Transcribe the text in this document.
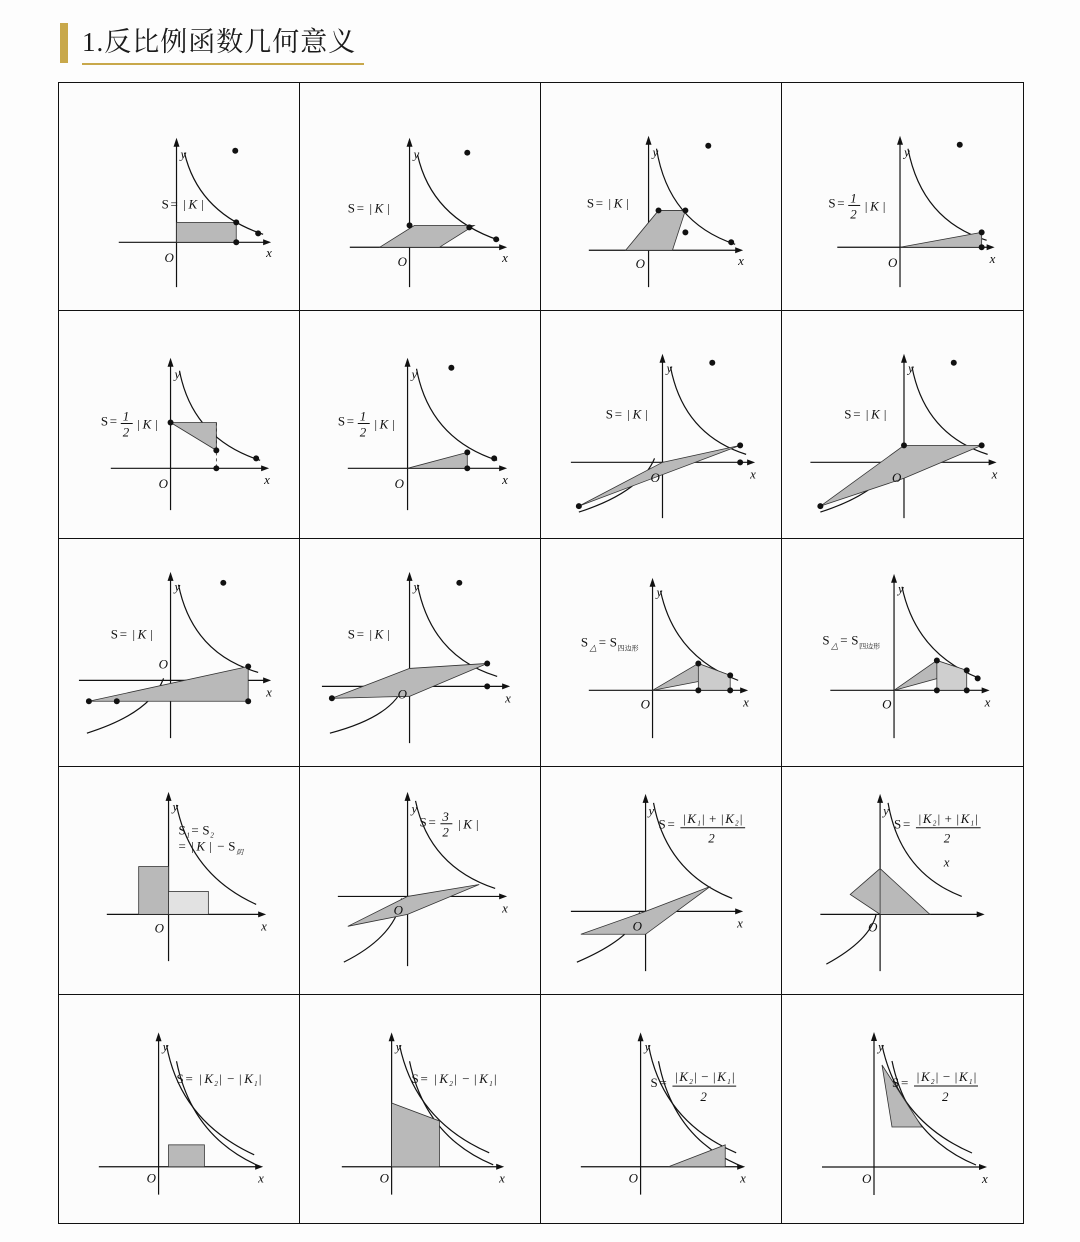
1.反比例函数几何意义
S = | K |
y
x
O
S = | K |
y
x
O
S = | K |
y
x
O
S = 1
2
| K |
y
x
O
S = 1
2
| K |
y
x
O
S = 1
2
| K |
y
x
O
S = | K |
y
x
O
S = | K |
y
x
O
S = | K |
y
x
O
S = | K |
y
x
O
S △ = S 四边形
y
x
O
S △ = S 四边形
y
x
O
S 1 = S 2
= | K | − S 阴
y
x
O
y
S = 3
2
| K |
x
O
y
S = | K 1 | + | K 2 |
2
x
O
y
S = | K 2 | + | K 1 |
2
x
O
y
S = | K 2 | − | K 1 |
x
O
y
S = | K 2 | − | K 1 |
x
O
y
S = | K 2 | − | K 1 |
2
x
O
y
S = | K 2 | − | K 1 |
2
x
O
